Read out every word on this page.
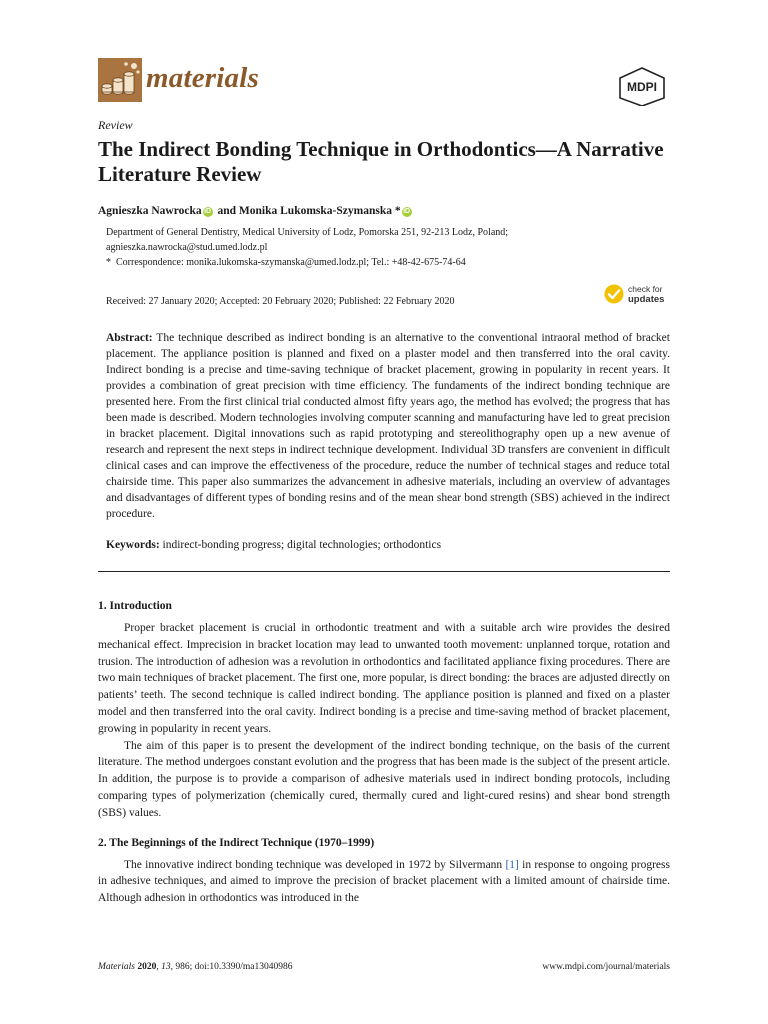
materials	MDPI
Review
The Indirect Bonding Technique in Orthodontics—A Narrative Literature Review
Agnieszka Nawrocka iD and Monika Lukomska-Szymanska * iD
Department of General Dentistry, Medical University of Lodz, Pomorska 251, 92-213 Lodz, Poland;
agnieszka.nawrocka@stud.umed.lodz.pl
* Correspondence: monika.lukomska-szymanska@umed.lodz.pl; Tel.: +48-42-675-74-64
Received: 27 January 2020; Accepted: 20 February 2020; Published: 22 February 2020
check for
updates
Abstract: The technique described as indirect bonding is an alternative to the conventional intraoral method of bracket placement. The appliance position is planned and fixed on a plaster model and then transferred into the oral cavity. Indirect bonding is a precise and time-saving technique of bracket placement, growing in popularity in recent years. It provides a combination of great precision with time efficiency. The fundaments of the indirect bonding technique are presented here. From the first clinical trial conducted almost fifty years ago, the method has evolved; the progress that has been made is described. Modern technologies involving computer scanning and manufacturing have led to great precision in bracket placement. Digital innovations such as rapid prototyping and stereolithography open up a new avenue of research and represent the next steps in indirect technique development. Individual 3D transfers are convenient in difficult clinical cases and can improve the effectiveness of the procedure, reduce the number of technical stages and reduce total chairside time. This paper also summarizes the advancement in adhesive materials, including an overview of advantages and disadvantages of different types of bonding resins and of the mean shear bond strength (SBS) achieved in the indirect procedure.
Keywords: indirect-bonding progress; digital technologies; orthodontics
1. Introduction

Proper bracket placement is crucial in orthodontic treatment and with a suitable arch wire provides the desired mechanical effect. Imprecision in bracket location may lead to unwanted tooth movement: unplanned torque, rotation and trusion. The introduction of adhesion was a revolution in orthodontics and facilitated appliance fixing procedures. There are two main techniques of bracket placement. The first one, more popular, is direct bonding: the braces are adjusted directly on patients’ teeth. The second technique is called indirect bonding. The appliance position is planned and fixed on a plaster model and then transferred into the oral cavity. Indirect bonding is a precise and time-saving method of bracket placement, growing in popularity in recent years.

The aim of this paper is to present the development of the indirect bonding technique, on the basis of the current literature. The method undergoes constant evolution and the progress that has been made is the subject of the present article. In addition, the purpose is to provide a comparison of adhesive materials used in indirect bonding protocols, including comparing types of polymerization (chemically cured, thermally cured and light-cured resins) and shear bond strength (SBS) values.

2. The Beginnings of the Indirect Technique (1970–1999)

The innovative indirect bonding technique was developed in 1972 by Silvermann [1] in response to ongoing progress in adhesive techniques, and aimed to improve the precision of bracket placement with a limited amount of chairside time. Although adhesion in orthodontics was introduced in the

Materials 2020, 13, 986; doi:10.3390/ma13040986	www.mdpi.com/journal/materials
